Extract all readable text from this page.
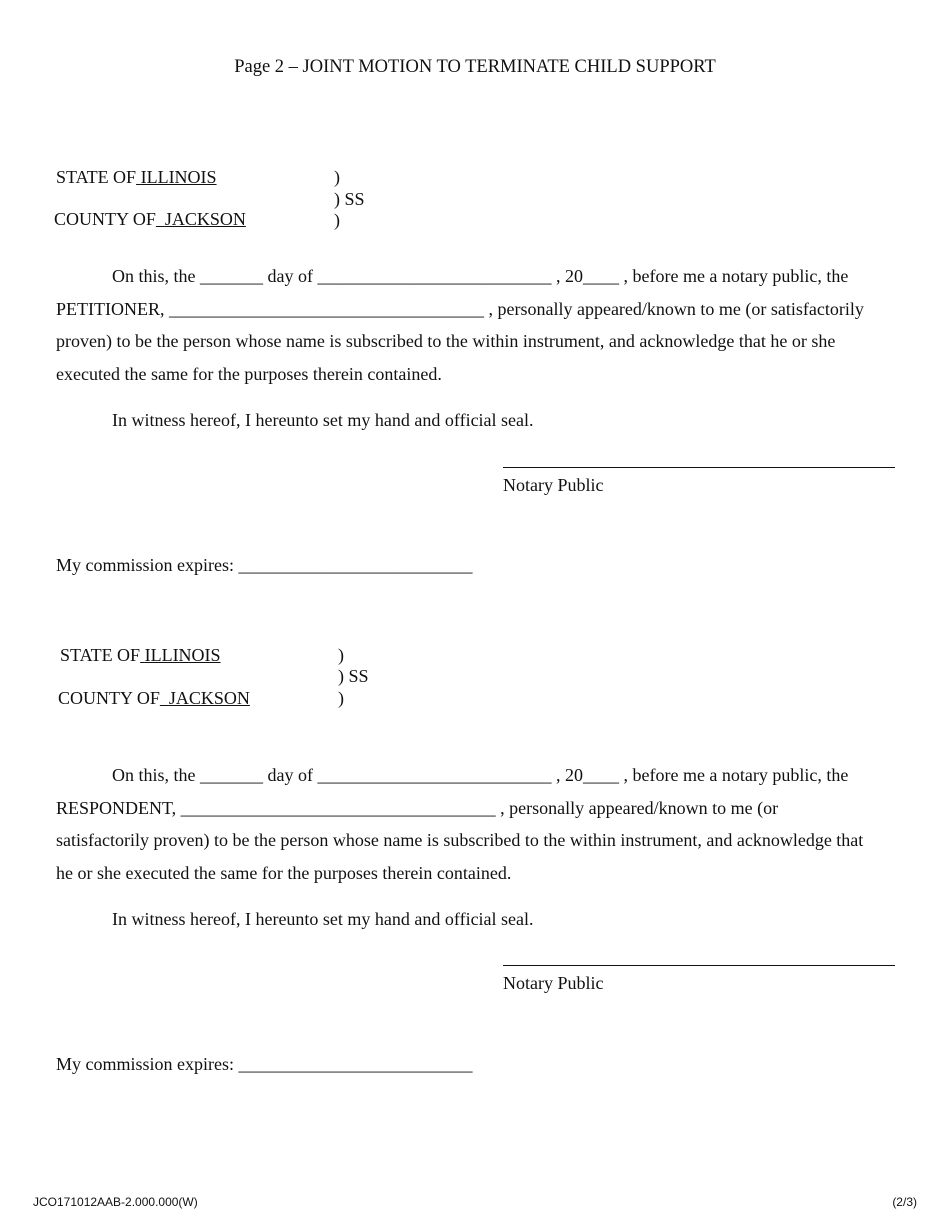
Page 2 – JOINT MOTION TO TERMINATE CHILD SUPPORT
STATE OF ILLINOIS	)
) SS
COUNTY OF JACKSON	)
On this, the _______ day of __________________________ , 20____ , before me a notary public, the
PETITIONER, ___________________________________ , personally appeared/known to me (or satisfactorily
proven) to be the person whose name is subscribed to the within instrument, and acknowledge that he or she
executed the same for the purposes therein contained.
In witness hereof, I hereunto set my hand and official seal.
Notary Public
My commission expires: __________________________
STATE OF ILLINOIS	)
) SS
COUNTY OF JACKSON	)
On this, the _______ day of __________________________ , 20____ , before me a notary public, the
RESPONDENT, ___________________________________ , personally appeared/known to me (or
satisfactorily proven) to be the person whose name is subscribed to the within instrument, and acknowledge that
he or she executed the same for the purposes therein contained.
In witness hereof, I hereunto set my hand and official seal.
Notary Public
My commission expires: __________________________
JCO171012AAB-2.000.000(W)	(2/3)
